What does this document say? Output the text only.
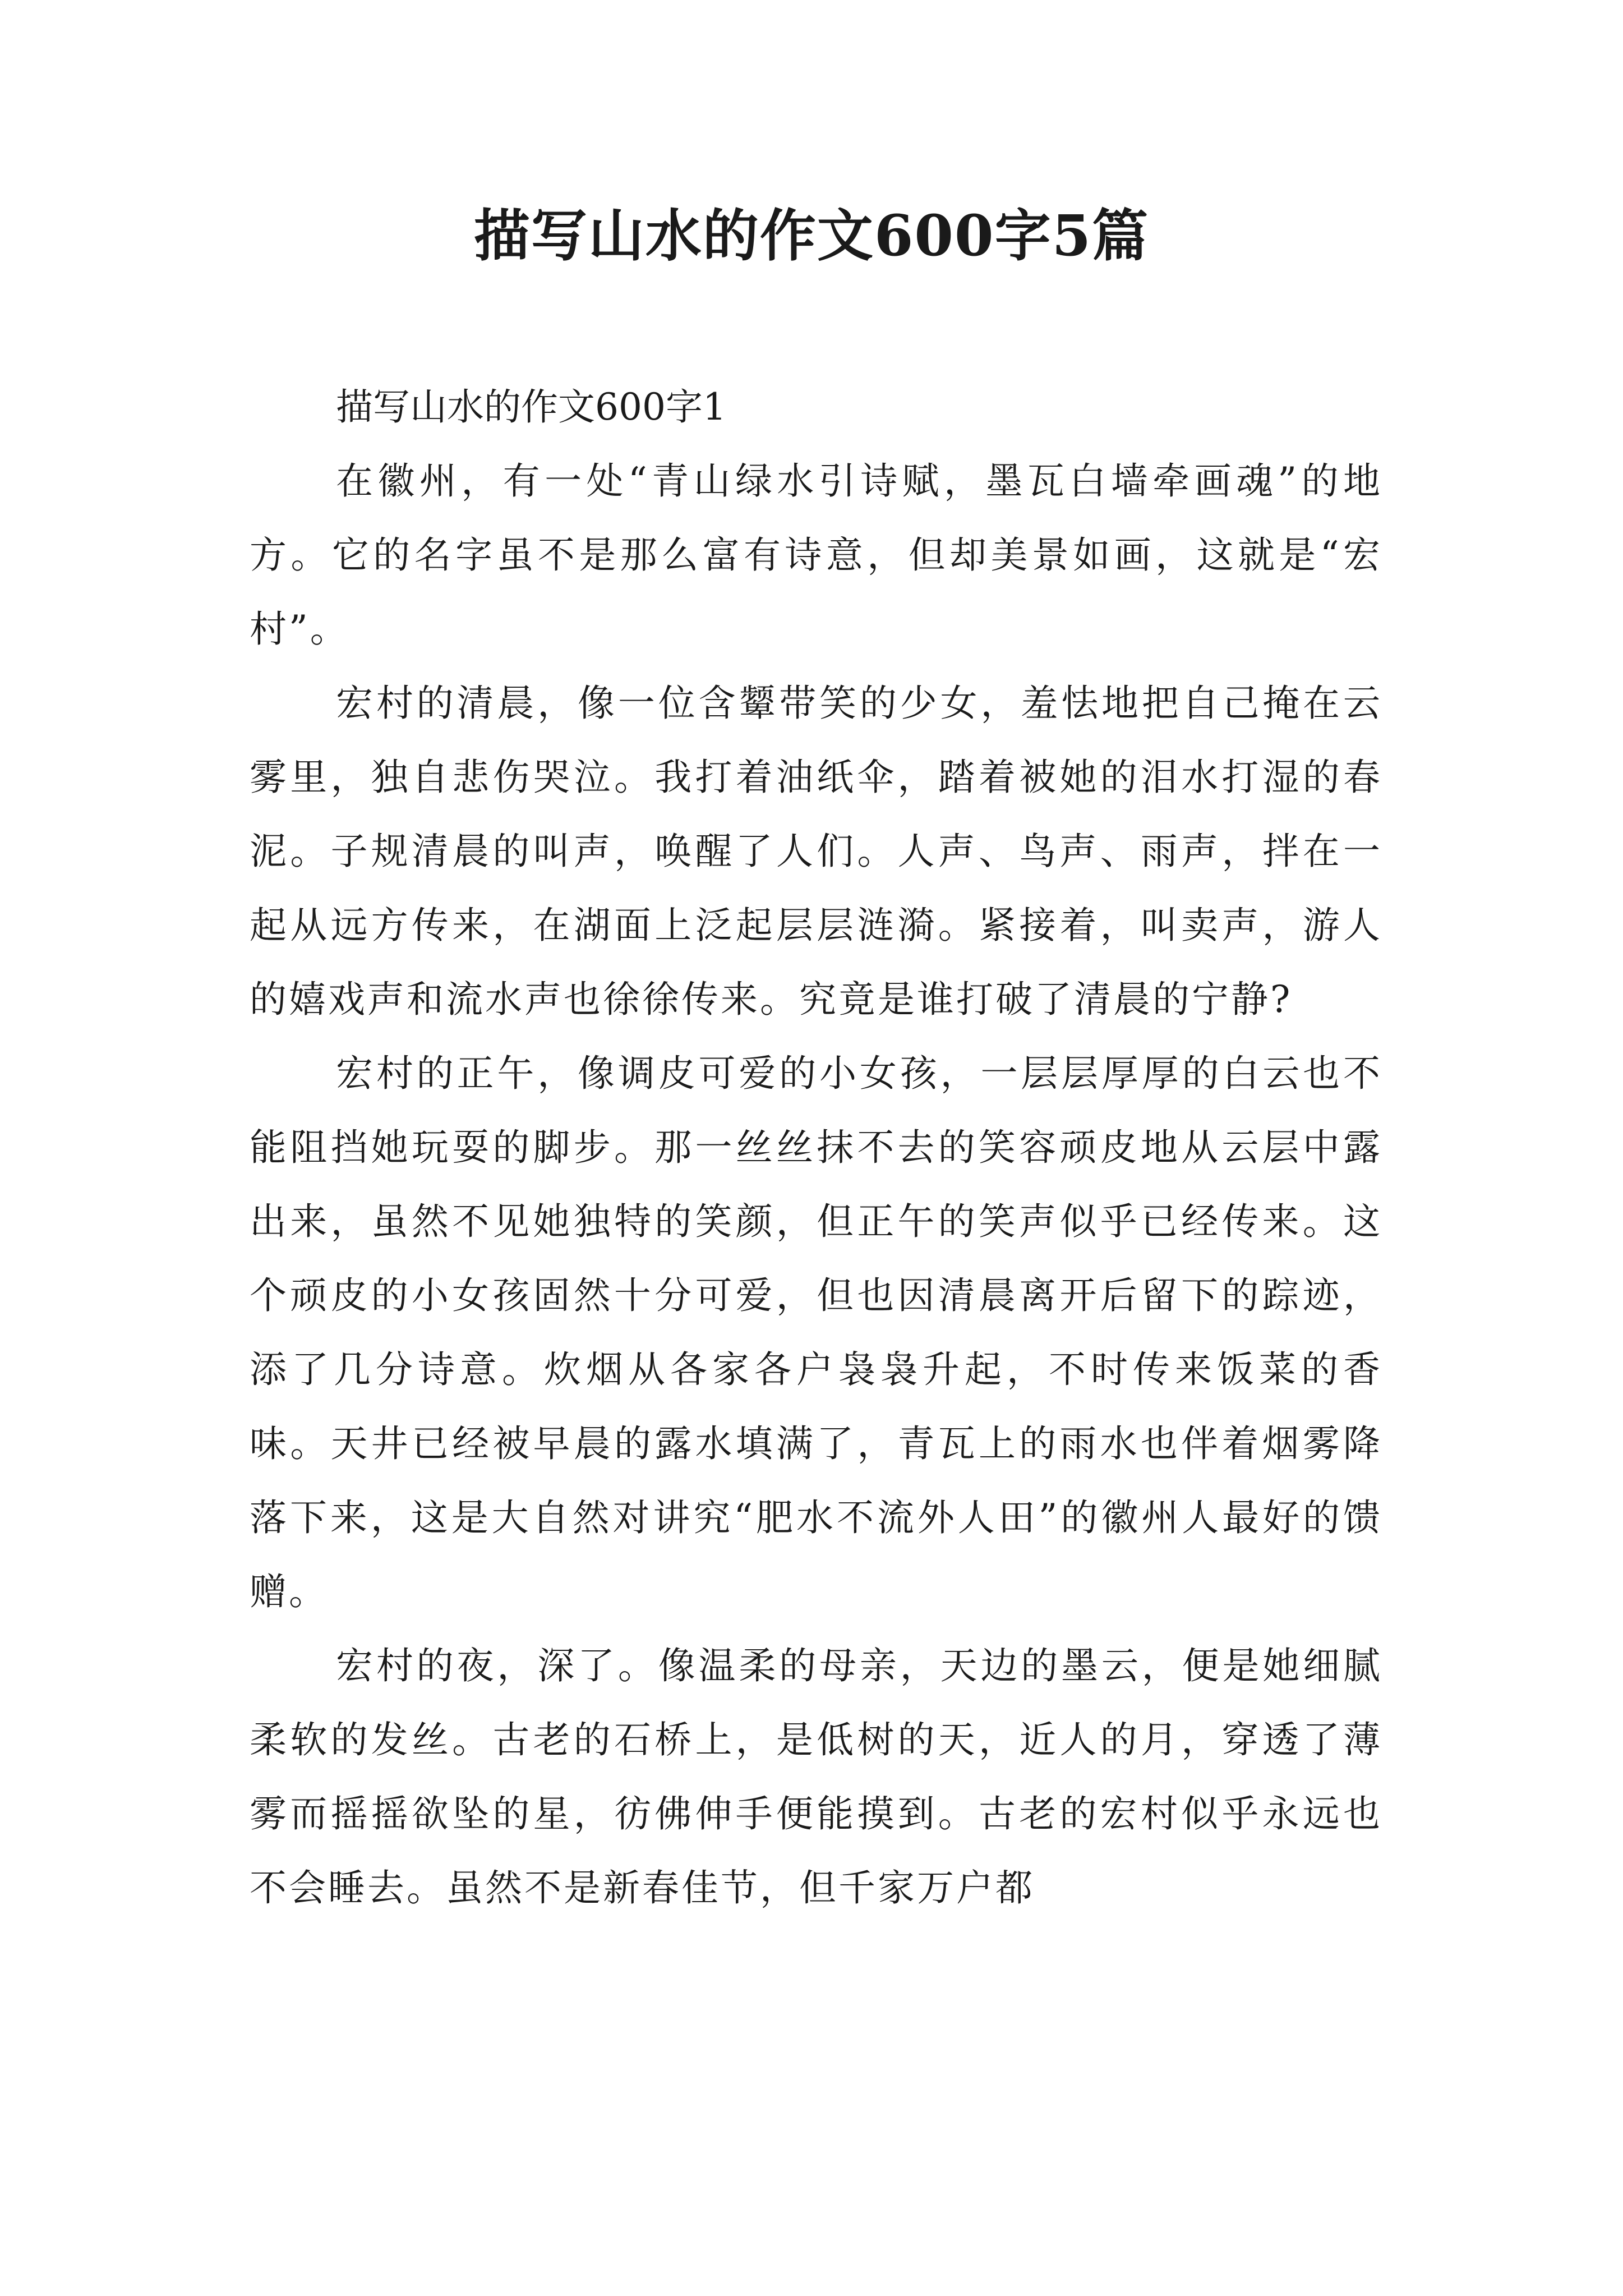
描写山水的作文600字5篇
描写山水的作文600字1

在徽州，有一处“青山绿水引诗赋，墨瓦白墙牵画魂”的地方。它的名字虽不是那么富有诗意，但却美景如画，这就是“宏村”。

宏村的清晨，像一位含颦带笑的少女，羞怯地把自己掩在云雾里，独自悲伤哭泣。我打着油纸伞，踏着被她的泪水打湿的春泥。子规清晨的叫声，唤醒了人们。人声、鸟声、雨声，拌在一起从远方传来，在湖面上泛起层层涟漪。紧接着，叫卖声，游人的嬉戏声和流水声也徐徐传来。究竟是谁打破了清晨的宁静?

宏村的正午，像调皮可爱的小女孩，一层层厚厚的白云也不能阻挡她玩耍的脚步。那一丝丝抹不去的笑容顽皮地从云层中露出来，虽然不见她独特的笑颜，但正午的笑声似乎已经传来。这个顽皮的小女孩固然十分可爱，但也因清晨离开后留下的踪迹，添了几分诗意。炊烟从各家各户袅袅升起，不时传来饭菜的香味。天井已经被早晨的露水填满了，青瓦上的雨水也伴着烟雾降落下来，这是大自然对讲究“肥水不流外人田”的徽州人最好的馈赠。

宏村的夜，深了。像温柔的母亲，天边的墨云，便是她细腻柔软的发丝。古老的石桥上，是低树的天，近人的月，穿透了薄雾而摇摇欲坠的星，彷佛伸手便能摸到。古老的宏村似乎永远也不会睡去。虽然不是新春佳节，但千家万户都
